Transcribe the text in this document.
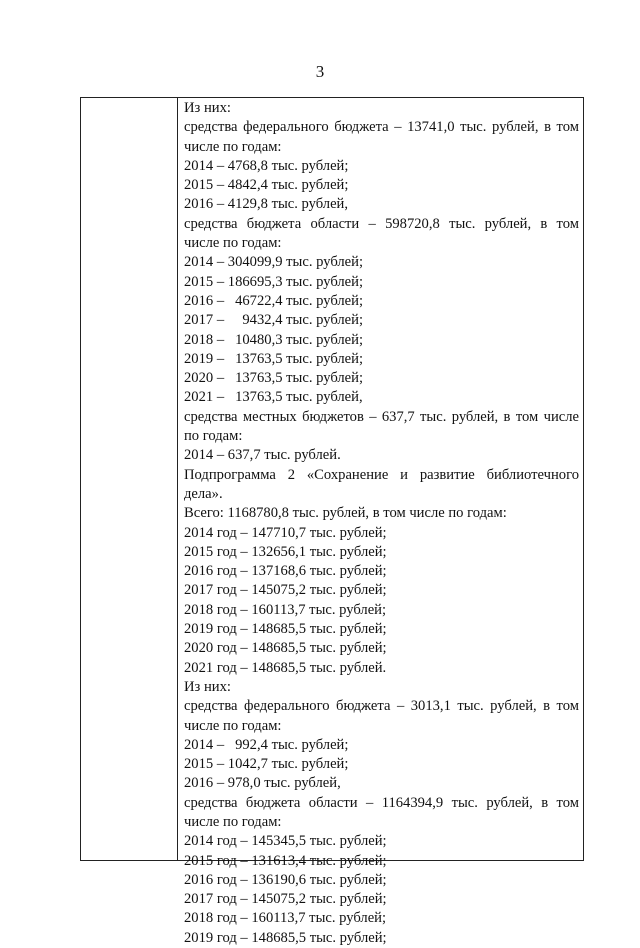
3
Из них:
средства федерального бюджета – 13741,0 тыс. рублей, в том
числе по годам:
2014 – 4768,8 тыс. рублей;
2015 – 4842,4 тыс. рублей;
2016 – 4129,8 тыс. рублей,
средства бюджета области – 598720,8 тыс. рублей, в том
числе по годам:
2014 – 304099,9 тыс. рублей;
2015 – 186695,3 тыс. рублей;
2016 –   46722,4 тыс. рублей;
2017 –     9432,4 тыс. рублей;
2018 –   10480,3 тыс. рублей;
2019 –   13763,5 тыс. рублей;
2020 –   13763,5 тыс. рублей;
2021 –   13763,5 тыс. рублей,
средства местных бюджетов – 637,7 тыс. рублей, в том числе
по годам:
2014 – 637,7 тыс. рублей.
Подпрограмма 2 «Сохранение и развитие библиотечного
дела».
Всего: 1168780,8 тыс. рублей, в том числе по годам:
2014 год – 147710,7 тыс. рублей;
2015 год – 132656,1 тыс. рублей;
2016 год – 137168,6 тыс. рублей;
2017 год – 145075,2 тыс. рублей;
2018 год – 160113,7 тыс. рублей;
2019 год – 148685,5 тыс. рублей;
2020 год – 148685,5 тыс. рублей;
2021 год – 148685,5 тыс. рублей.
Из них:
средства федерального бюджета – 3013,1 тыс. рублей, в том
числе по годам:
2014 –   992,4 тыс. рублей;
2015 – 1042,7 тыс. рублей;
2016 – 978,0 тыс. рублей,
средства бюджета области – 1164394,9 тыс. рублей, в том
числе по годам:
2014 год – 145345,5 тыс. рублей;
2015 год – 131613,4 тыс. рублей;
2016 год – 136190,6 тыс. рублей;
2017 год – 145075,2 тыс. рублей;
2018 год – 160113,7 тыс. рублей;
2019 год – 148685,5 тыс. рублей;
